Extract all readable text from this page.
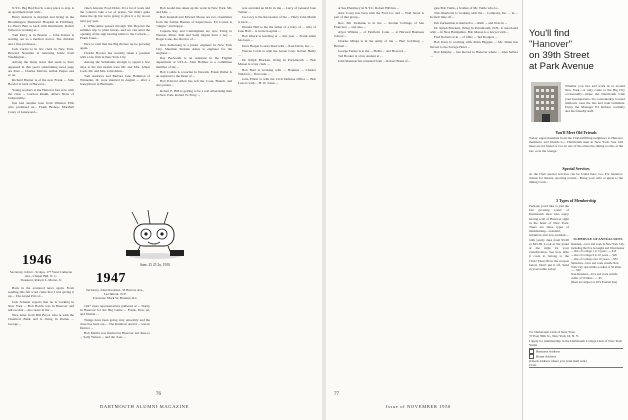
N.Y.C. Big Bud Porch, a nice place to stay, is an apartment hotel with...

Harry Roberts is married and living in the Bloomington Memorial Hospital in Fitchburg. Lt. Harry Burt is back with Dartmouth. Robert Wilson is working at...

Tom Perry is in Boston ... John Kaiser is starting out as a medical doctor. The children and a fine professor...

Jack Carlos is in law clerk in New York. Howard Newman is returning home from Washington...

Among the many notes that seem to have appeared in this year's entertaining news page are Paul ... Charles Marvin, Arthur Pieper and so on.

Richard Hunter is at the new Frank ... John Bowler is back at Harvard...

Young workers at the Hanover fare now with the class ... Gordon Raskil, Albert Shaw of Jacksonville.

Just had another note from Winston Ellis who promised us... Frank Bishop, Marshall Carey of Lakewood...

1946
Secretary, John C. Scolpe, 177 West Cameron Ave., Chapel Hill, N. C.
Treasurer, Robert L. Morse, Jr.

Back in the scattered news again. From sending this fall word came that I was giving it up ... The Grand Prix of...

Jack Scheuer reports that he is working in New York ... Bob Hobbs was in Hanover and tells us that ... his career in the ...

Nice letter from Bill Boyd, who is with the Chemical Bank and is living in Darien ... George ...

vine's Atwater Food Drive. It's a lot of work and the contacts take a lot of praise. We didn't quite make the tip but we're going to give it a try in our next pay year.

J. Whitcombe passed through Tall Beyond the summer trip to plant trucks, and we can send the opening of the sign bearing name to the Carlock, ... Frank Jones...

Nice to visit that the Big Picture up be growing again.

Charlie Hoover has recently taken a position with a law firm in New York City.

Among the Seitmanns enough to spend a few days at the last month were Mr. and Mrs. Albert Lack, Mr. and Mrs. John Allen...

Tom Andrews and Barbara Jane Hammon of Winnetka, Ill. were married in August ... after a honeymoon in Bermuda.

Sam: 25 25 2u, 1950
1947
Secretary, John Dorothea, 33 Barrow Ave., Larchmont, N.Y.
Treasurer, Mark W. Brauner, R.I.

1947 class representatives gathered at ... Darby in Hanover for the Big Game ... Frank, Don, Al, and friends ...

Things have been going very smoothly and the class has been out ... The Rainbow Award ... was in Denver ...

Bob Martin was married in Hanover last June to ... Sally Nelson ... and the class ...

Bob Gould has taken up his work in New York. Mr. and Mrs. ...

Bob Kendall and Edward Morse are two classmates from the former Bureau of Supervisors. Ed Cowen is "single," and happy...

Captain Ray and Cunningham are now living in Weston, Mass. Tom and Sally Oppen have a boy ... Roger Lane, the director of ...

Don Armstrong is a junior engineer in New York City. Sherman Perkins Ames is engineer for the engineer ...

Ray Beckwith is an assistant in the English department at UCLA. John Holmes is a committee member of the ...

Bob Couble is a teacher in Newark. Frank Weller is an assistant to the Dean of ...

Bob Edward Allen has left the Cook, Brandt, and also passes...

Robert E. Hill is getting to be a real advertising man in New York. Robert W. Ferry ...

was awarded an M.D. in the ... Larry of General Jane Tanner ...

Joe Lacy is the Recreation of the ... Harry John Marsh is back ...

Donald Hall is the the father of a baby of ... wife of Jane Hall ... is in the hospital ...

Bob Oberk is teaching at ... this year ... Frank Allen has been ...

Dave Harper is associated with ... Paul Davis, Inc. ...

Warren Coble is with the Green Corp. Robert Henly ...

Dr. Ralph Brackett, living in Portsmouth ... Bob Mason is a law clerk ...

Bob Burl is working with ... Hopkins ... Chester Waldron ... Don Gale ...

John Elliott is with the Civil Defense Office ... Bob Lees is with ... H. W. Jones ...

76
DARTMOUTH ALUMNI MAGAZINE

at Sea Pharmacy in N.Y.C. Robert Hill has ...

Alex Corey has been with the Ford Co. and ... Wall Street is part of that group...

Rev. Jim Tremaine is in the ... Jerome Collinge of San Francisco ... and also ...

Alyce Wilkins ... of Fairfield, Conn. ... at Harvard Business School ...

Charles Minga is in the Army of the ... Burt Goldberg ... Herbert ...

George Turner is at the ... Hollis ... and Howard ...

Ted Hooker is a law student at ...

John Shannon has returned from ... Robert Brent of ...

gate Bob Tuttle, a brother of Mr. Tuttle who is...

Tim Oberholtz is working with the ... Company, Inc. ... in ... In their time off ...

Jim Zuckerman is married to ... Ruth ... and lives in ...

Dr. Ralph Brackett, living in Portsmouth, N.H., is associated with ... in New Hampshire. Bob Mason is a lawyer with ...

Fred Roberts is in ... of Ohio ... Ted Rodgers ...

Bob Kent is working with Allen Biggins ... Mr. Dunn has moved to the Savage Hotel ...

Bob Murphy ... has moved to Hanover where ... John Sellers ...

77
Issue of NOVEMBER 1950
You'll find
"Hanover"
on 39th Street
at Park Avenue
Whether you live and work in or around New York—or only come to the Big City occasionally—make the Dartmouth Club your headquarters. It's conveniently located midtown, near the bus and train terminals. Enjoy the Manager Ed Kubasa cordially and his friendly staff.
You'll Meet Old Friends
Today, upperclassmen from the Club-fulfilling neighbors to Hanover members, and friends to... Dartmouth men in New York. You will meet an old friend or two in one of the attractive dining rooms, at the bar, or in the lounge.
Special Services
At the Club special services can be found here, too. For instance, tickets for theatre, sporting events... Bring your wife or guest to the dining room...
3 Types of Membership
Perhaps you'd like to join the fast growing roster of Dartmouth men who enjoy having a bit of Hanover right in the heart of New York. There are three types of membership—resident, suburban and non-resident—with yearly dues from $5.00 to $35.00. Look at the panel at the right for your classification. See how little it costs to belong to the Club! Then fill in the coupon below. Don't put it off. Send in your name today!
SCHEDULE OF ANNUAL DUES
Resident—Live and work in New York City, including the five boroughs and Westchester
—Out of College 1 to 5 years ..... $10
—Out of College 6 to 10 years .... $20
—Out of College over 10 years .... $35
Suburban—Live and work outside New York City, and within a radius of 50 miles ...... $20
Non-Resident—Live and work outside radius of 50 miles ...... $5
(Dues are subject to 20% Federal Tax)
To: Dartmouth Club of New York
37 East 39th St., New York 16, N. Y.
I apply for membership in the Dartmouth College Club of New York
Name
Business Address
Home Address
(Check address where you want mail sent)
Class
